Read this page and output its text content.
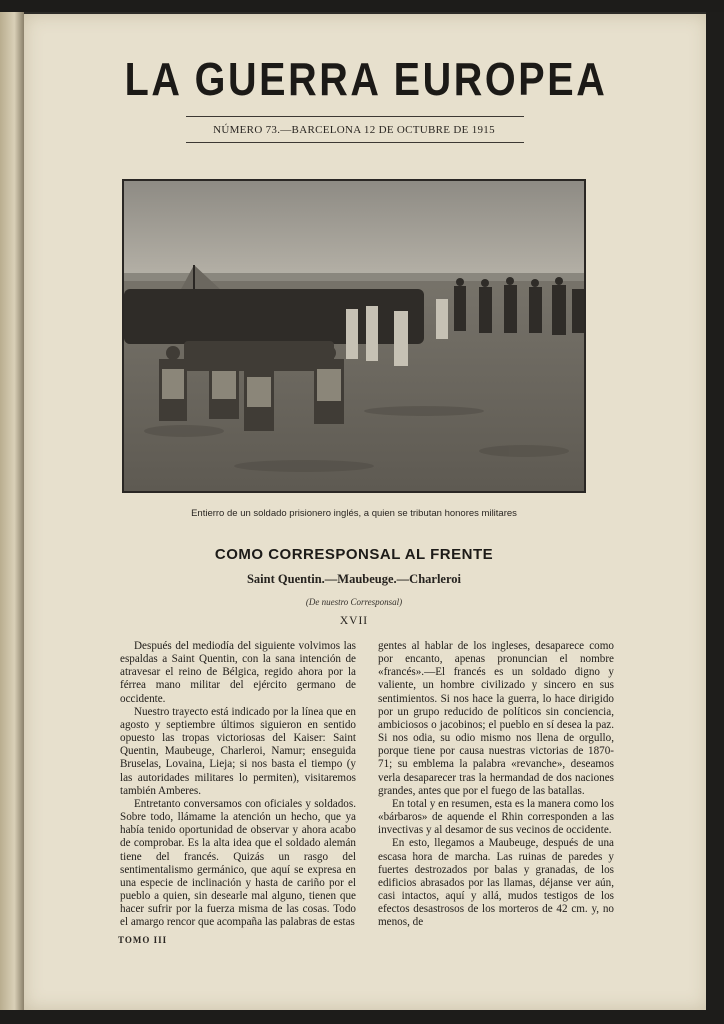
LA GUERRA EUROPEA
NÚMERO 73.—BARCELONA 12 DE OCTUBRE DE 1915
Entierro de un soldado prisionero inglés, a quien se tributan honores militares
COMO CORRESPONSAL AL FRENTE
Saint Quentin.—Maubeuge.—Charleroi
(De nuestro Corresponsal)
XVII

Después del mediodía del siguiente volvimos las espaldas a Saint Quentin, con la sana intención de atravesar el reino de Bélgica, regido ahora por la férrea mano militar del ejército germano de occidente.

Nuestro trayecto está indicado por la línea que en agosto y septiembre últimos siguieron en sentido opuesto las tropas victoriosas del Kaiser: Saint Quentin, Maubeuge, Charleroi, Namur; enseguida Bruselas, Lovaina, Lieja; si nos basta el tiempo (y las autoridades militares lo permiten), visitaremos también Amberes.

Entretanto conversamos con oficiales y soldados. Sobre todo, llámame la atención un hecho, que ya había tenido oportunidad de observar y ahora acabo de comprobar. Es la alta idea que el soldado alemán tiene del francés. Quizás un rasgo del sentimentalismo germánico, que aquí se expresa en una especie de inclinación y hasta de cariño por el pueblo a quien, sin desearle mal alguno, tienen que hacer sufrir por la fuerza misma de las cosas. Todo el amargo rencor que acompaña las palabras de estas

gentes al hablar de los ingleses, desaparece como por encanto, apenas pronuncian el nombre «francés».—El francés es un soldado digno y valiente, un hombre civilizado y sincero en sus sentimientos. Si nos hace la guerra, lo hace dirigido por un grupo reducido de políticos sin conciencia, ambiciosos o jacobinos; el pueblo en sí desea la paz. Si nos odia, su odio mismo nos llena de orgullo, porque tiene por causa nuestras victorias de 1870-71; su emblema la palabra «revanche», deseamos verla desaparecer tras la hermandad de dos naciones grandes, antes que por el fuego de las batallas.

En total y en resumen, esta es la manera como los «bárbaros» de aquende el Rhin corresponden a las invectivas y al desamor de sus vecinos de occidente.

En esto, llegamos a Maubeuge, después de una escasa hora de marcha. Las ruinas de paredes y fuertes destrozados por balas y granadas, de los edificios abrasados por las llamas, déjanse ver aún, casi intactos, aquí y allá, mudos testigos de los efectos desastrosos de los morteros de 42 cm. y, no menos, de

TOMO III
